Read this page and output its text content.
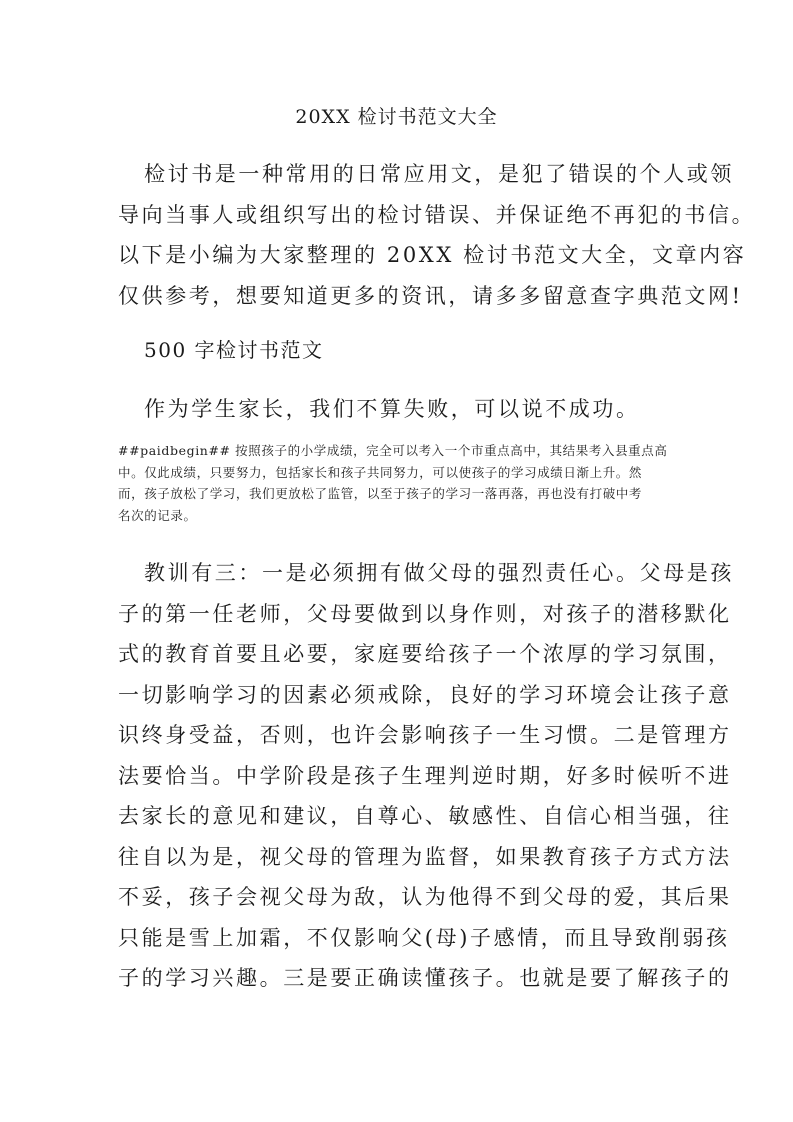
20XX 检讨书范文大全
检讨书是一种常用的日常应用文，是犯了错误的个人或领
导向当事人或组织写出的检讨错误、并保证绝不再犯的书信。
以下是小编为大家整理的 20XX 检讨书范文大全，文章内容
仅供参考，想要知道更多的资讯，请多多留意查字典范文网!
500 字检讨书范文
作为学生家长，我们不算失败，可以说不成功。
##paidbegin## 按照孩子的小学成绩，完全可以考入一个市重点高中，其结果考入县重点高
中。仅此成绩，只要努力，包括家长和孩子共同努力，可以使孩子的学习成绩日渐上升。然
而，孩子放松了学习，我们更放松了监管，以至于孩子的学习一落再落，再也没有打破中考
名次的记录。
教训有三：一是必须拥有做父母的强烈责任心。父母是孩
子的第一任老师，父母要做到以身作则，对孩子的潜移默化
式的教育首要且必要，家庭要给孩子一个浓厚的学习氛围，
一切影响学习的因素必须戒除，良好的学习环境会让孩子意
识终身受益，否则，也许会影响孩子一生习惯。二是管理方
法要恰当。中学阶段是孩子生理判逆时期，好多时候听不进
去家长的意见和建议，自尊心、敏感性、自信心相当强，往
往自以为是，视父母的管理为监督，如果教育孩子方式方法
不妥，孩子会视父母为敌，认为他得不到父母的爱，其后果
只能是雪上加霜，不仅影响父(母)子感情，而且导致削弱孩
子的学习兴趣。三是要正确读懂孩子。也就是要了解孩子的
